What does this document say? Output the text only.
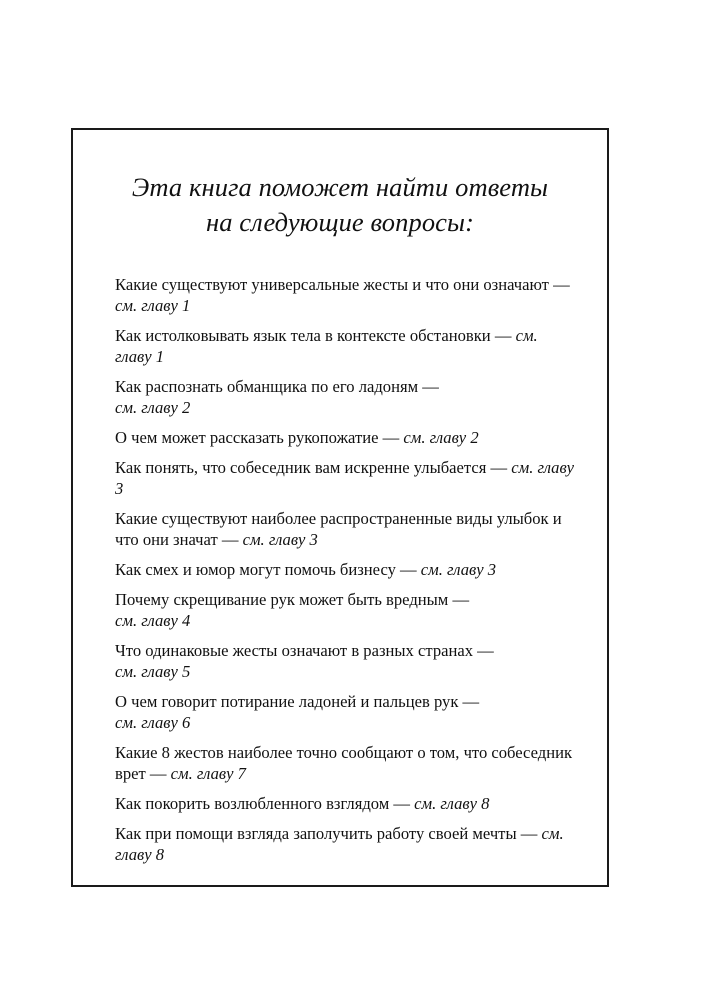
Эта книга поможет найти ответы
на следующие вопросы:
Какие существуют универсальные жесты и что они означают — см. главу 1
Как истолковывать язык тела в контексте обстановки — см. главу 1
Как распознать обманщика по его ладоням —
см. главу 2
О чем может рассказать рукопожатие — см. главу 2
Как понять, что собеседник вам искренне улыбается — см. главу 3
Какие существуют наиболее распространенные виды улыбок и что они значат — см. главу 3
Как смех и юмор могут помочь бизнесу — см. главу 3
Почему скрещивание рук может быть вредным —
см. главу 4
Что одинаковые жесты означают в разных странах —
см. главу 5
О чем говорит потирание ладоней и пальцев рук —
см. главу 6
Какие 8 жестов наиболее точно сообщают о том, что собеседник врет — см. главу 7
Как покорить возлюбленного взглядом — см. главу 8
Как при помощи взгляда заполучить работу своей мечты — см. главу 8
